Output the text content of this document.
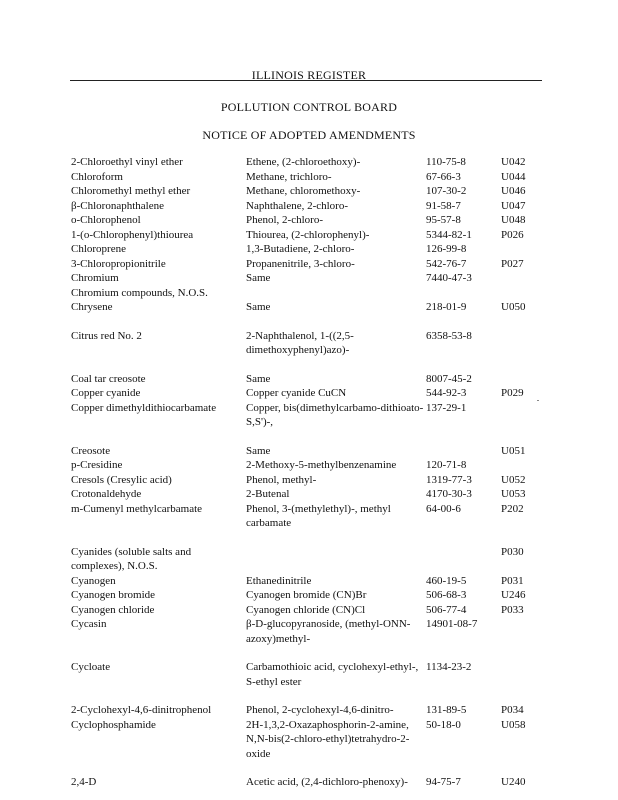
ILLINOIS REGISTER
POLLUTION CONTROL BOARD
NOTICE OF ADOPTED AMENDMENTS
2-Chloroethyl vinyl ether	Ethene, (2-chloroethoxy)-	110-75-8	U042
Chloroform	Methane, trichloro-	67-66-3	U044
Chloromethyl methyl ether	Methane, chloromethoxy-	107-30-2	U046
β-Chloronaphthalene	Naphthalene, 2-chloro-	91-58-7	U047
o-Chlorophenol	Phenol, 2-chloro-	95-57-8	U048
1-(o-Chlorophenyl)thiourea	Thiourea, (2-chlorophenyl)-	5344-82-1	P026
Chloroprene	1,3-Butadiene, 2-chloro-	126-99-8	
3-Chloropropionitrile	Propanenitrile, 3-chloro-	542-76-7	P027
Chromium	Same	7440-47-3	
Chromium compounds, N.O.S.			
Chrysene	Same	218-01-9	U050
Citrus red No. 2	2-Naphthalenol, 1-((2,5-dimethoxyphenyl)azo)-	6358-53-8	
Coal tar creosote	Same	8007-45-2	
Copper cyanide	Copper cyanide CuCN	544-92-3	P029
Copper dimethyldithiocarbamate	Copper, bis(dimethylcarbamo-dithioato-S,S')-,	137-29-1	
Creosote	Same		U051
p-Cresidine	2-Methoxy-5-methylbenzenamine	120-71-8	
Cresols (Cresylic acid)	Phenol, methyl-	1319-77-3	U052
Crotonaldehyde	2-Butenal	4170-30-3	U053
m-Cumenyl methylcarbamate	Phenol, 3-(methylethyl)-, methyl carbamate	64-00-6	P202
Cyanides (soluble salts and complexes), N.O.S.			P030
Cyanogen	Ethanedinitrile	460-19-5	P031
Cyanogen bromide	Cyanogen bromide (CN)Br	506-68-3	U246
Cyanogen chloride	Cyanogen chloride (CN)Cl	506-77-4	P033
Cycasin	β-D-glucopyranoside, (methyl-ONN-azoxy)methyl-	14901-08-7	
Cycloate	Carbamothioic acid, cyclohexyl-ethyl-, S-ethyl ester	1134-23-2	
2-Cyclohexyl-4,6-dinitrophenol	Phenol, 2-cyclohexyl-4,6-dinitro-	131-89-5	P034
Cyclophosphamide	2H-1,3,2-Oxazaphosphorin-2-amine, N,N-bis(2-chloro-ethyl)tetrahydro-2-oxide	50-18-0	U058
2,4-D	Acetic acid, (2,4-dichloro-phenoxy)-	94-75-7	U240
